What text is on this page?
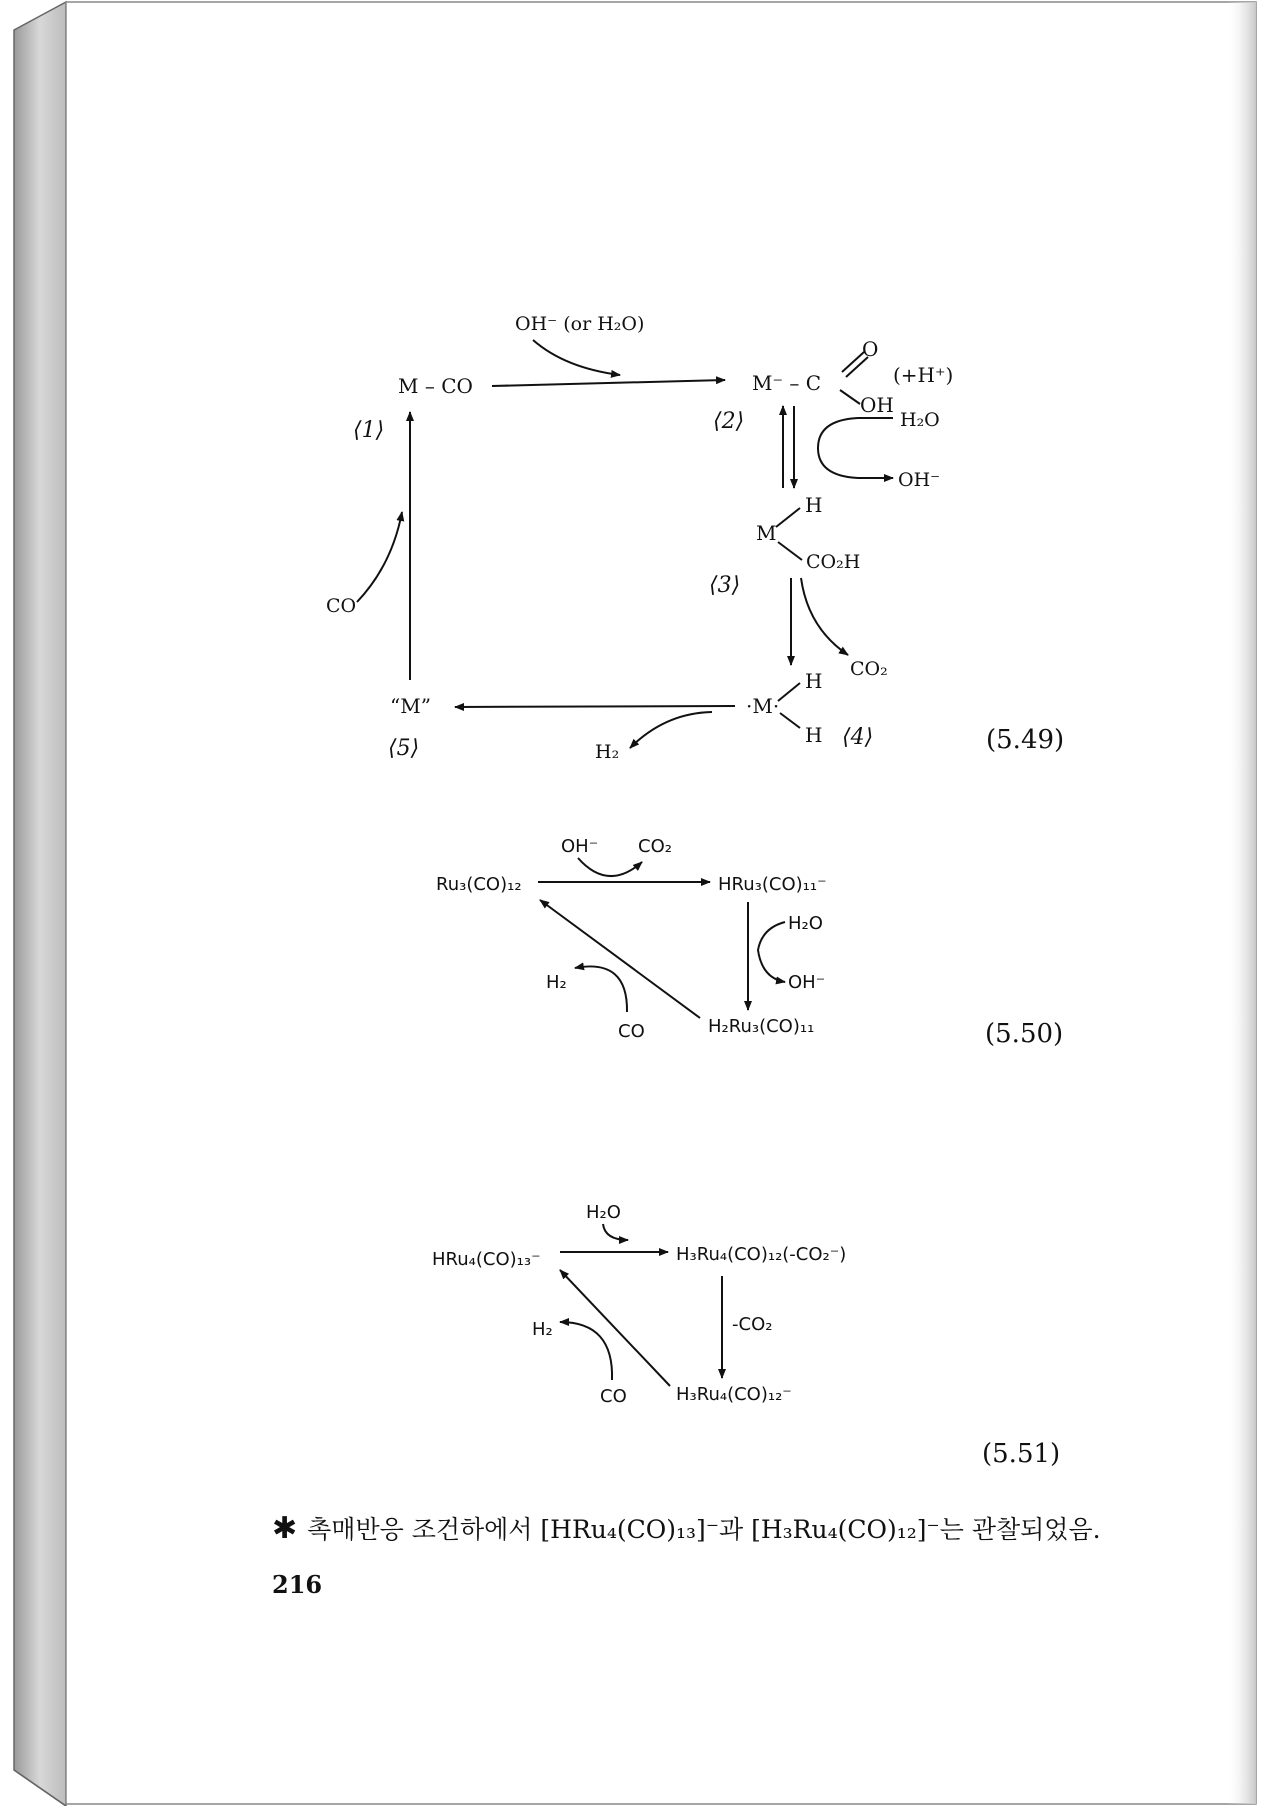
OH⁻ (or H₂O)
M – CO	M⁻ – C
O
OH
(+H⁺)
⟨2⟩	H₂O
OH⁻
M
H
CO₂H
⟨3⟩
CO₂
·M·
H
H ⟨4⟩
H₂
“M”
⟨5⟩
CO
⟨1⟩
(5.49)
OH⁻ CO₂
Ru₃(CO)₁₂	HRu₃(CO)₁₁⁻
H₂O
OH⁻
H₂Ru₃(CO)₁₁
H₂
CO	(5.50)
H₂O
HRu₄(CO)₁₃⁻	H₃Ru₄(CO)₁₂(-CO₂⁻)
-CO₂
H₃Ru₄(CO)₁₂⁻
H₂
CO
(5.51)
✱ 촉매반응 조건하에서 [HRu₄(CO)₁₃]⁻과 [H₃Ru₄(CO)₁₂]⁻는 관찰되었음.
216
